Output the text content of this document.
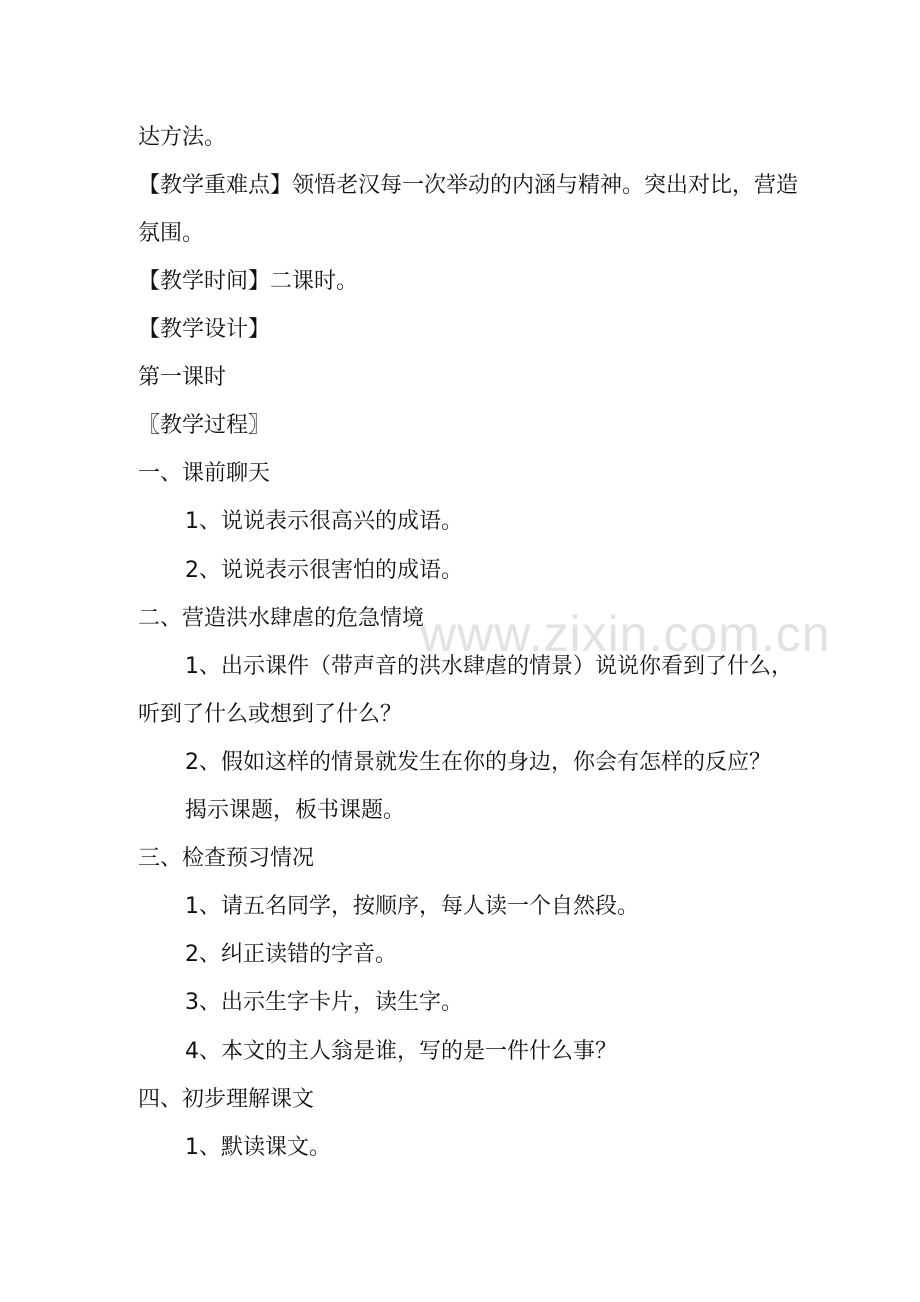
达方法。
【教学重难点】领悟老汉每一次举动的内涵与精神。突出对比，营造
氛围。
【教学时间】二课时。
【教学设计】
第一课时
〖教学过程〗
一、课前聊天
1、说说表示很高兴的成语。
2、说说表示很害怕的成语。
二、营造洪水肆虐的危急情境
1、出示课件（带声音的洪水肆虐的情景）说说你看到了什么，
听到了什么或想到了什么？
2、假如这样的情景就发生在你的身边，你会有怎样的反应？
揭示课题，板书课题。
三、检查预习情况
1、请五名同学，按顺序，每人读一个自然段。
2、纠正读错的字音。
3、出示生字卡片，读生字。
4、本文的主人翁是谁，写的是一件什么事？
四、初步理解课文
1、默读课文。
www.zixin.com.cn
